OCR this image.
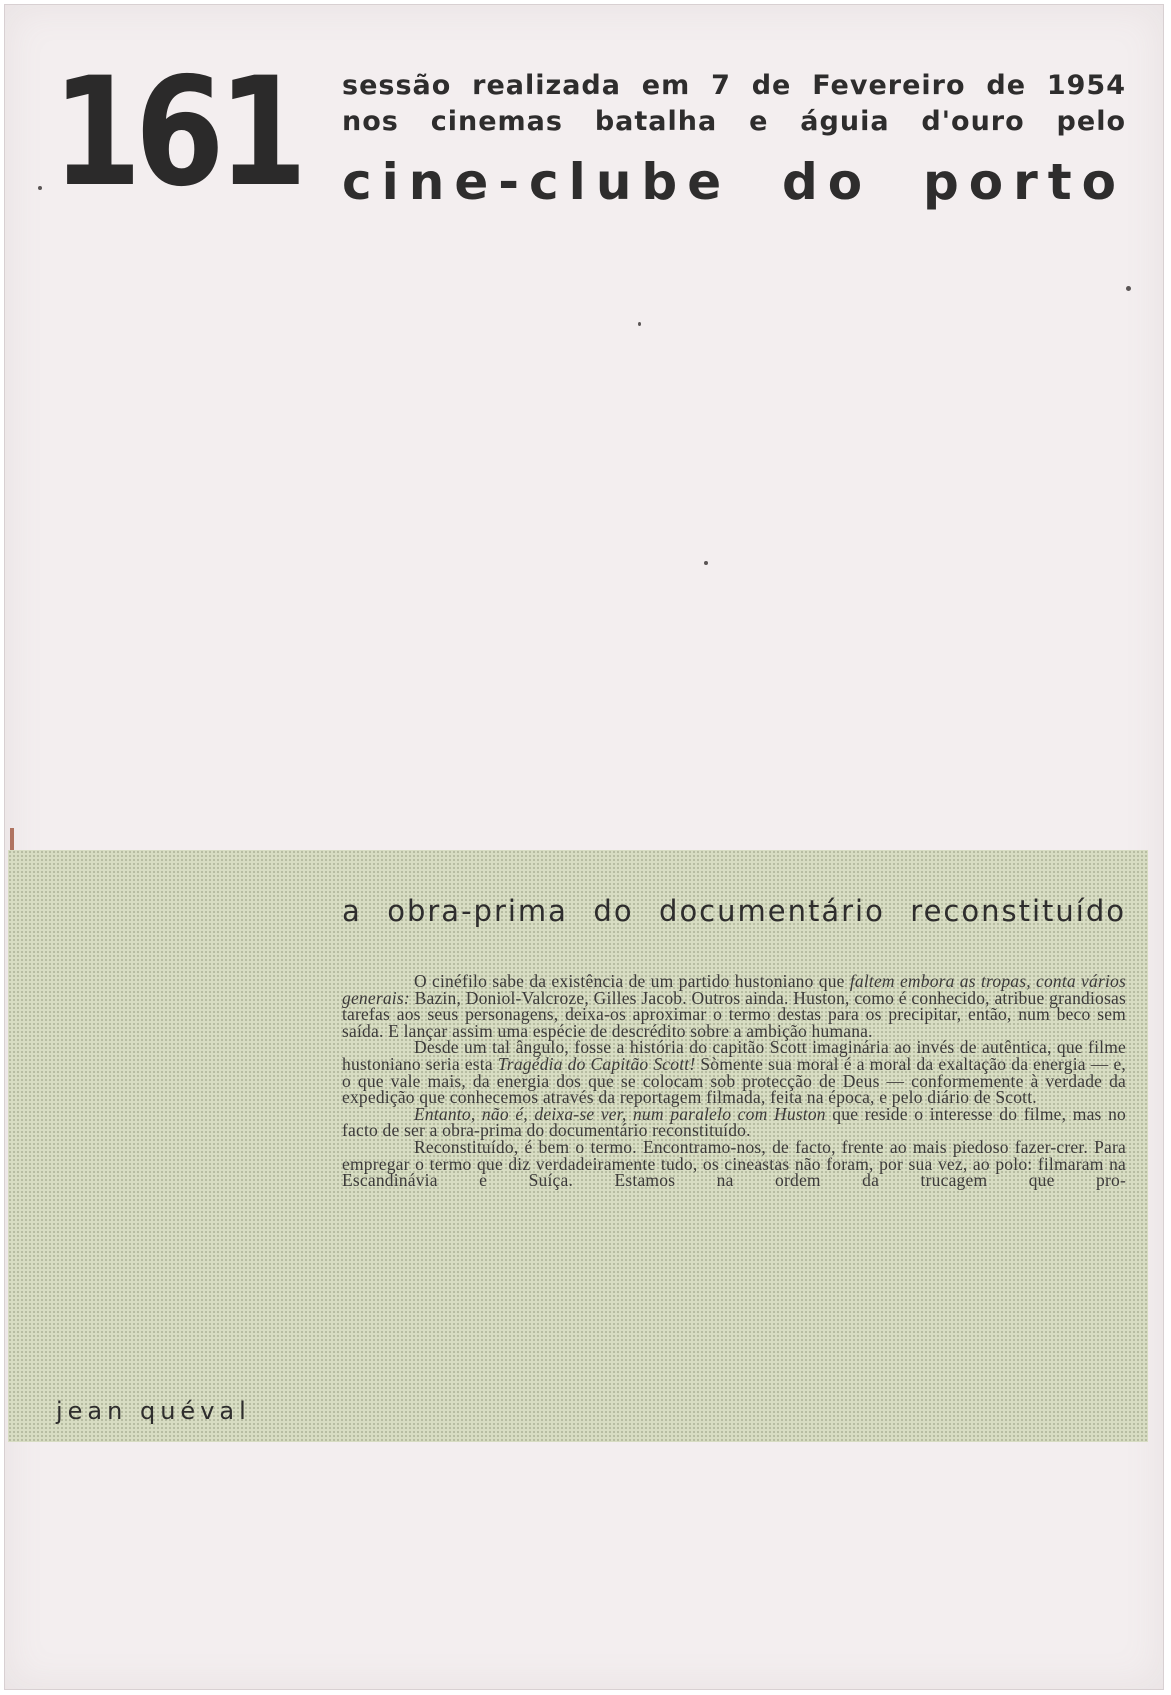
161 sessão realizada em 7 de Fevereiro de 1954
nos cinemas batalha e águia d'ouro pelo
cine-clube do porto
a obra-prima do documentário reconstituído

O cinéfilo sabe da existência de um partido hustoniano que faltem embora as tropas, conta vários generais: Bazin, Doniol-Valcroze, Gilles Jacob. Outros ainda. Huston, como é conhecido, atribue grandiosas tarefas aos seus personagens, deixa-os aproximar o termo destas para os precipitar, então, num beco sem saída. E lançar assim uma espécie de descrédito sobre a ambição humana.

Desde um tal ângulo, fosse a história do capitão Scott imaginária ao invés de autêntica, que filme hustoniano seria esta Tragédia do Capitão Scott! Sòmente sua moral é a moral da exaltação da energia — e, o que vale mais, da energia dos que se colocam sob protecção de Deus — conformemente à verdade da expedição que conhecemos através da reportagem filmada, feita na época, e pelo diário de Scott.

Entanto, não é, deixa-se ver, num paralelo com Huston que reside o interesse do filme, mas no facto de ser a obra-prima do documentário reconstituído.

Reconstituído, é bem o termo. Encontramo-nos, de facto, frente ao mais piedoso fazer-crer. Para empregar o termo que diz verdadeiramente tudo, os cineastas não foram, por sua vez, ao polo: filmaram na Escandinávia e Suíça. Estamos na ordem da trucagem que pro-

jean quéval
